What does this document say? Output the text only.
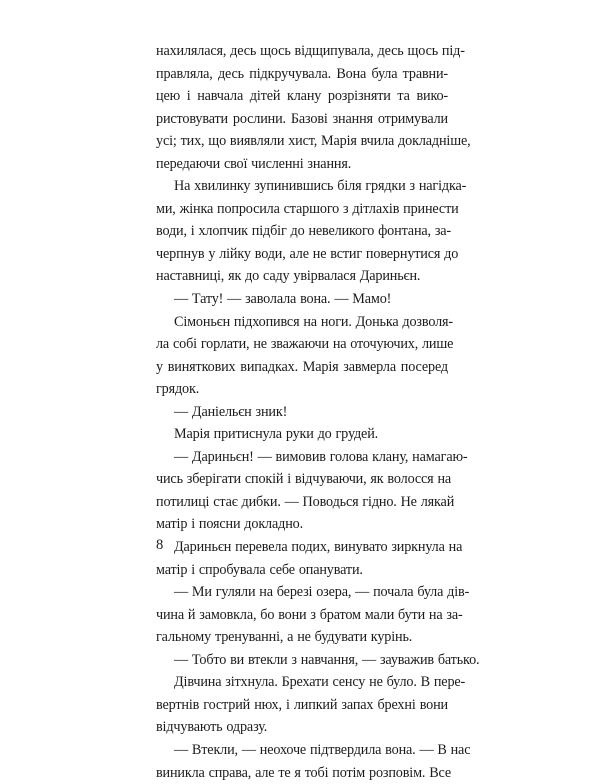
нахилялася, десь щось відщипувала, десь щось під-
правляла, десь підкручувала. Вона була травни-
цею і навчала дітей клану розрізняти та вико-
ристовувати рослини. Базові знання отримували
усі; тих, що виявляли хист, Марія вчила докладніше,
передаючи свої численні знання.
На хвилинку зупинившись біля грядки з нагідка-
ми, жінка попросила старшого з дітлахів принести
води, і хлопчик підбіг до невеликого фонтана, за-
черпнув у лійку води, але не встиг повернутися до
наставниці, як до саду увірвалася Дариньєн.
— Тату! — заволала вона. — Мамо!
Сімоньєн підхопився на ноги. Донька дозволя-
ла собі горлати, не зважаючи на оточуючих, лише
у виняткових випадках. Марія завмерла посеред
грядок.
— Даніельєн зник!
Марія притиснула руки до грудей.
— Дариньєн! — вимовив голова клану, намагаю-
чись зберігати спокій і відчуваючи, як волосся на
потилиці стає дибки. — Поводься гідно. Не лякай
матір і поясни докладно.
Дариньєн перевела подих, винувато зиркнула на
матір і спробувала себе опанувати.
— Ми гуляли на березі озера, — почала була дів-
чина й замовкла, бо вони з братом мали бути на за-
гальному тренуванні, а не будувати курінь.
— Тобто ви втекли з навчання, — зауважив батько.
Дівчина зітхнула. Брехати сенсу не було. В пере-
вертнів гострий нюх, і липкий запах брехні вони
відчувають одразу.
— Втекли, — неохоче підтвердила вона. — В нас
виникла справа, але те я тобі потім розповім. Все
8
